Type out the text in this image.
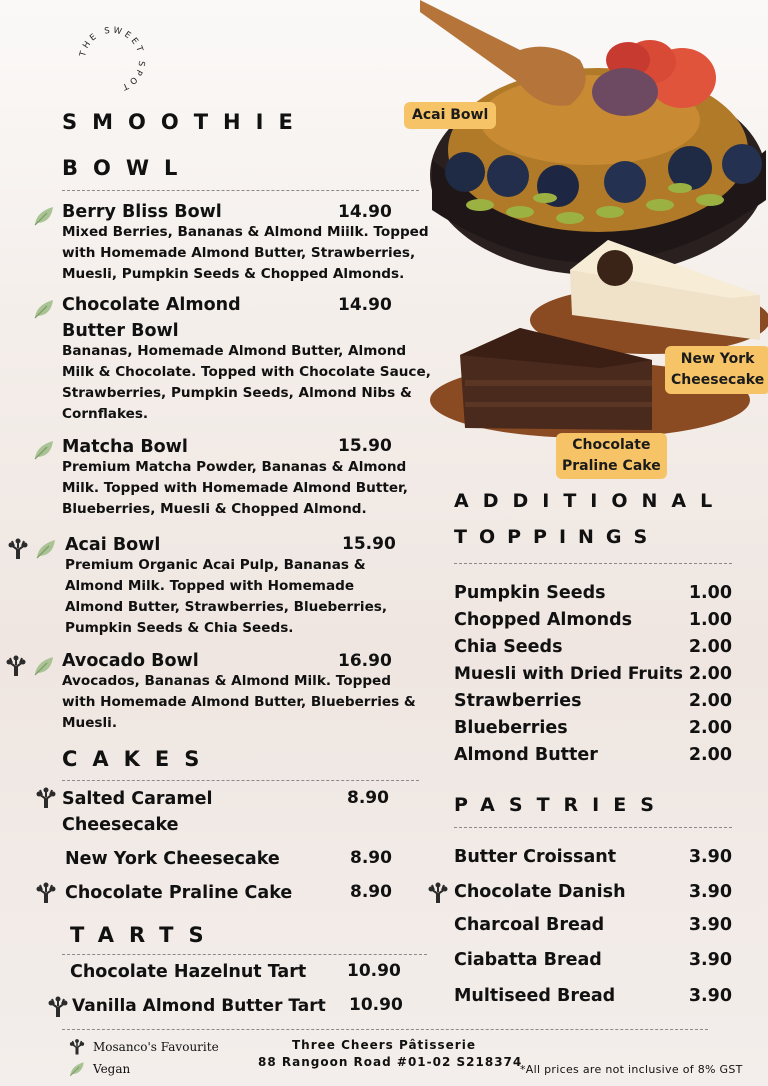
THE SWEET SPOT
Acai Bowl
New York
Cheesecake
Chocolate
Praline Cake
SMOOTHIE
BOWL
Berry Bliss Bowl	14.90
Mixed Berries, Bananas & Almond Miilk. Topped with Homemade Almond Butter, Strawberries, Muesli, Pumpkin Seeds & Chopped Almonds.
Chocolate Almond
Butter Bowl
14.90
Bananas, Homemade Almond Butter, Almond Milk & Chocolate. Topped with Chocolate Sauce, Strawberries, Pumpkin Seeds, Almond Nibs & Cornflakes.
Matcha Bowl	15.90
Premium Matcha Powder, Bananas & Almond Milk. Topped with Homemade Almond Butter, Blueberries, Muesli & Chopped Almond.
Acai Bowl	15.90
Premium Organic Acai Pulp, Bananas & Almond Milk. Topped with Homemade Almond Butter, Strawberries, Blueberries, Pumpkin Seeds & Chia Seeds.
Avocado Bowl	16.90
Avocados, Bananas & Almond Milk. Topped with Homemade Almond Butter, Blueberries & Muesli.
CAKES
Salted Caramel
Cheesecake
8.90
New York Cheesecake	8.90
Chocolate Praline Cake	8.90
TARTS
Chocolate Hazelnut Tart 10.90
Vanilla Almond Butter Tart 10.90
ADDITIONAL
TOPPINGS
Pumpkin Seeds	1.00
Chopped Almonds	1.00
Chia Seeds	2.00
Muesli with Dried Fruits 2.00
Strawberries	2.00
Blueberries	2.00
Almond Butter	2.00
PASTRIES
Butter Croissant	3.90
Chocolate Danish	3.90
Charcoal Bread	3.90
Ciabatta Bread	3.90
Multiseed Bread	3.90
Mosanco's Favourite
Vegan
Three Cheers Pâtisserie
88 Rangoon Road #01-02 S218374
*All prices are not inclusive of 8% GST
